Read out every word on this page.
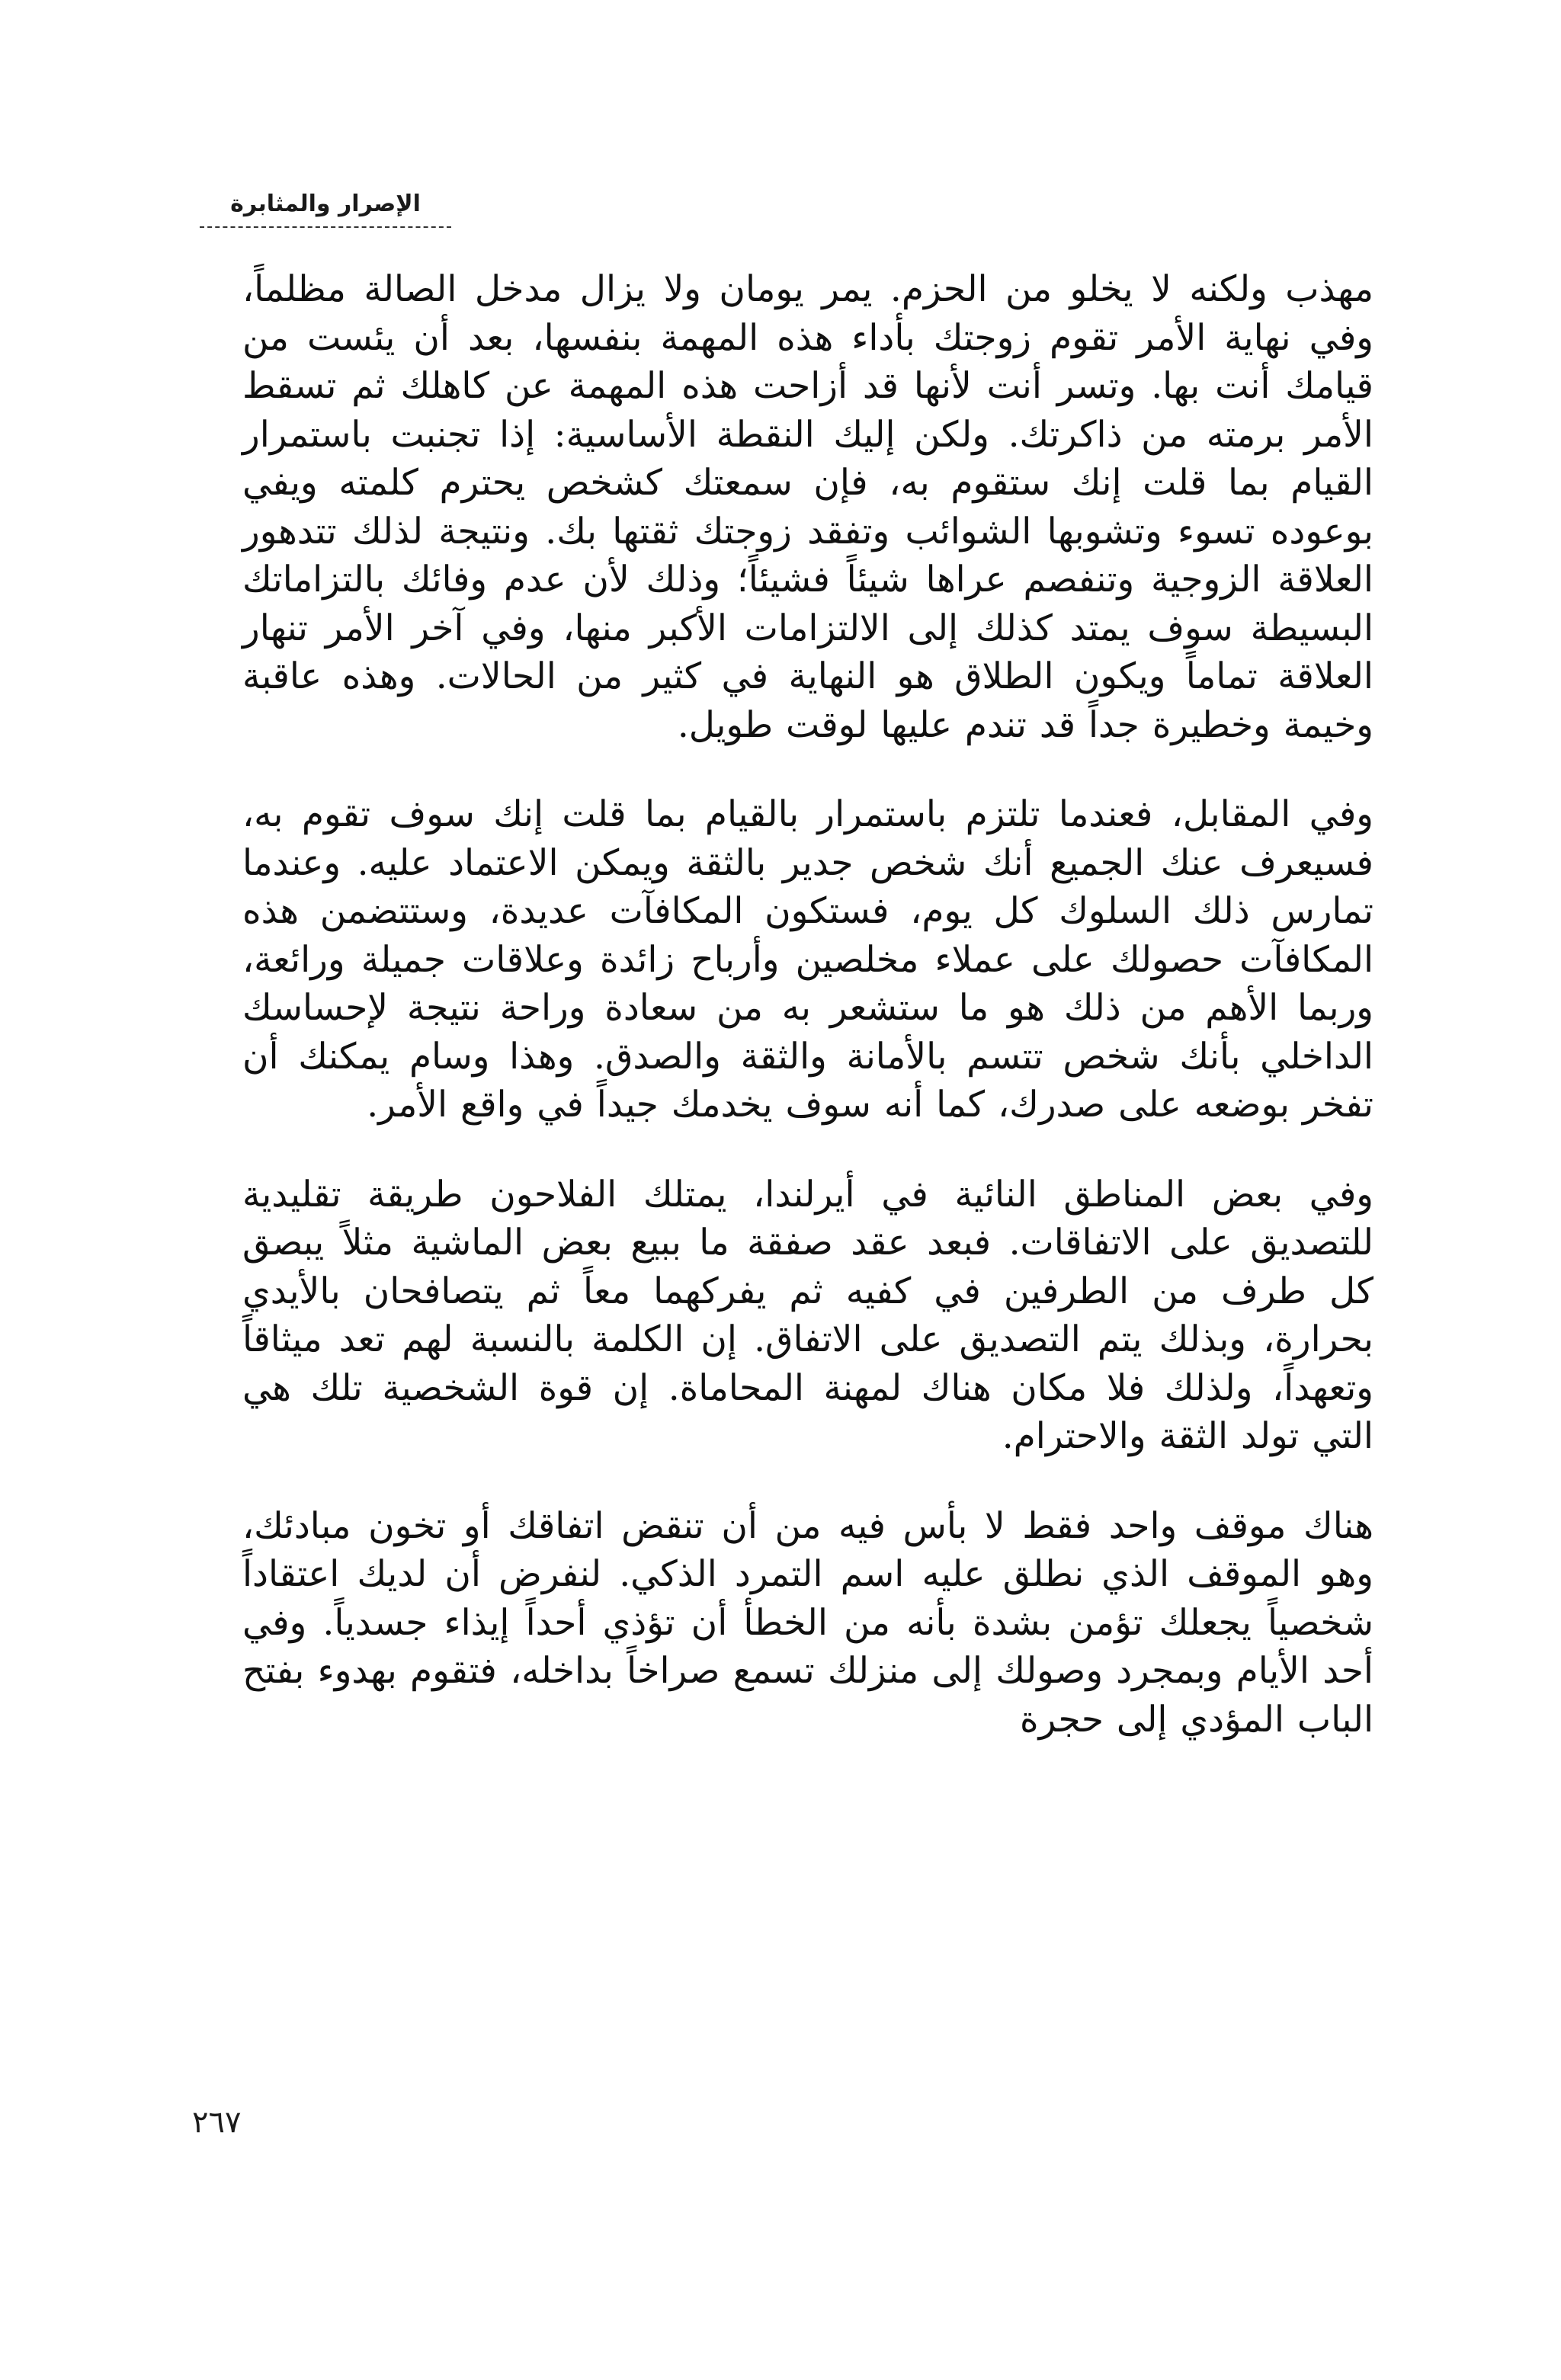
الإصرار والمثابرة

مهذب ولكنه لا يخلو من الحزم. يمر يومان ولا يزال مدخل الصالة مظلماً، وفي نهاية الأمر تقوم زوجتك بأداء هذه المهمة بنفسها، بعد أن يئست من قيامك أنت بها. وتسر أنت لأنها قد أزاحت هذه المهمة عن كاهلك ثم تسقط الأمر برمته من ذاكرتك. ولكن إليك النقطة الأساسية: إذا تجنبت باستمرار القيام بما قلت إنك ستقوم به، فإن سمعتك كشخص يحترم كلمته ويفي بوعوده تسوء وتشوبها الشوائب وتفقد زوجتك ثقتها بك. ونتيجة لذلك تتدهور العلاقة الزوجية وتنفصم عراها شيئاً فشيئاً؛ وذلك لأن عدم وفائك بالتزاماتك البسيطة سوف يمتد كذلك إلى الالتزامات الأكبر منها، وفي آخر الأمر تنهار العلاقة تماماً ويكون الطلاق هو النهاية في كثير من الحالات. وهذه عاقبة وخيمة وخطيرة جداً قد تندم عليها لوقت طويل.

وفي المقابل، فعندما تلتزم باستمرار بالقيام بما قلت إنك سوف تقوم به، فسيعرف عنك الجميع أنك شخص جدير بالثقة ويمكن الاعتماد عليه. وعندما تمارس ذلك السلوك كل يوم، فستكون المكافآت عديدة، وستتضمن هذه المكافآت حصولك على عملاء مخلصين وأرباح زائدة وعلاقات جميلة ورائعة، وربما الأهم من ذلك هو ما ستشعر به من سعادة وراحة نتيجة لإحساسك الداخلي بأنك شخص تتسم بالأمانة والثقة والصدق. وهذا وسام يمكنك أن تفخر بوضعه على صدرك، كما أنه سوف يخدمك جيداً في واقع الأمر.

وفي بعض المناطق النائية في أيرلندا، يمتلك الفلاحون طريقة تقليدية للتصديق على الاتفاقات. فبعد عقد صفقة ما ببيع بعض الماشية مثلاً يبصق كل طرف من الطرفين في كفيه ثم يفركهما معاً ثم يتصافحان بالأيدي بحرارة، وبذلك يتم التصديق على الاتفاق. إن الكلمة بالنسبة لهم تعد ميثاقاً وتعهداً، ولذلك فلا مكان هناك لمهنة المحاماة. إن قوة الشخصية تلك هي التي تولد الثقة والاحترام.

هناك موقف واحد فقط لا بأس فيه من أن تنقض اتفاقك أو تخون مبادئك، وهو الموقف الذي نطلق عليه اسم التمرد الذكي. لنفرض أن لديك اعتقاداً شخصياً يجعلك تؤمن بشدة بأنه من الخطأ أن تؤذي أحداً إيذاء جسدياً. وفي أحد الأيام وبمجرد وصولك إلى منزلك تسمع صراخاً بداخله، فتقوم بهدوء بفتح الباب المؤدي إلى حجرة

٢٦٧
